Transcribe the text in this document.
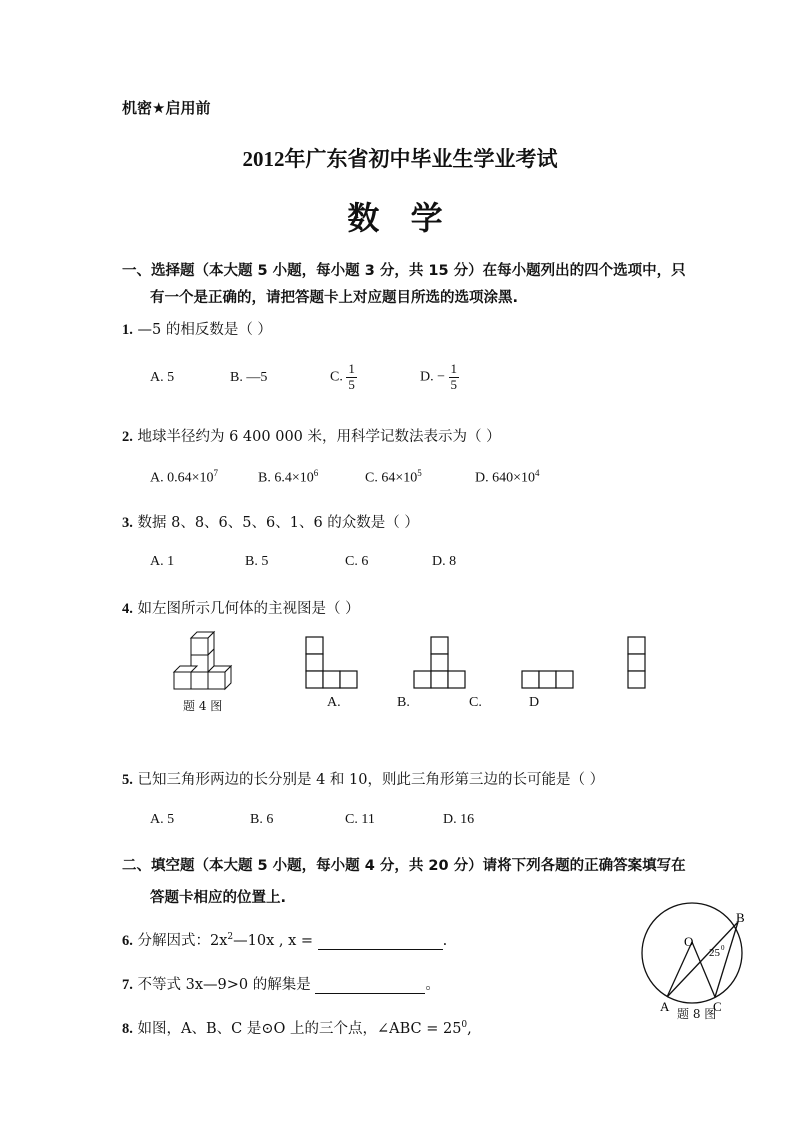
机密★启用前
2012年广东省初中毕业生学业考试
数 学
一、选择题（本大题 5 小题，每小题 3 分，共 15 分）在每小题列出的四个选项中，只
有一个是正确的，请把答题卡上对应题目所选的选项涂黑.
1. —5 的相反数是（ ）
A. 5	B. —5	C. $\frac{1}{5}$	D. − $\frac{1}{5}$
2. 地球半径约为 6 400 000 米，用科学记数法表示为（ ）
A. $0.64\times 10^7$	B. $6.4\times 10^6$	C. $64\times 10^5$	D. $640\times 10^4$
3. 数据 8、8、6、5、6、1、6 的众数是（ ）
A. 1	B. 5	C. 6	D. 8
4. 如左图所示几何体的主视图是（ ）
题 4 图	A.	B.	C.	D
5. 已知三角形两边的长分别是 4 和 10，则此三角形第三边的长可能是（ ）
A. 5	B. 6	C. 11	D. 16
二、填空题（本大题 5 小题，每小题 4 分，共 20 分）请将下列各题的正确答案填写在
答题卡相应的位置上.
6. 分解因式：$2x^2—10x$ , x =	.
7. 不等式 3x—9>0 的解集是	。
8. 如图，A、B、C 是⊙O 上的三个点，∠ABC = $25^0$,
O
B
A	C
25 0
题 8 图
